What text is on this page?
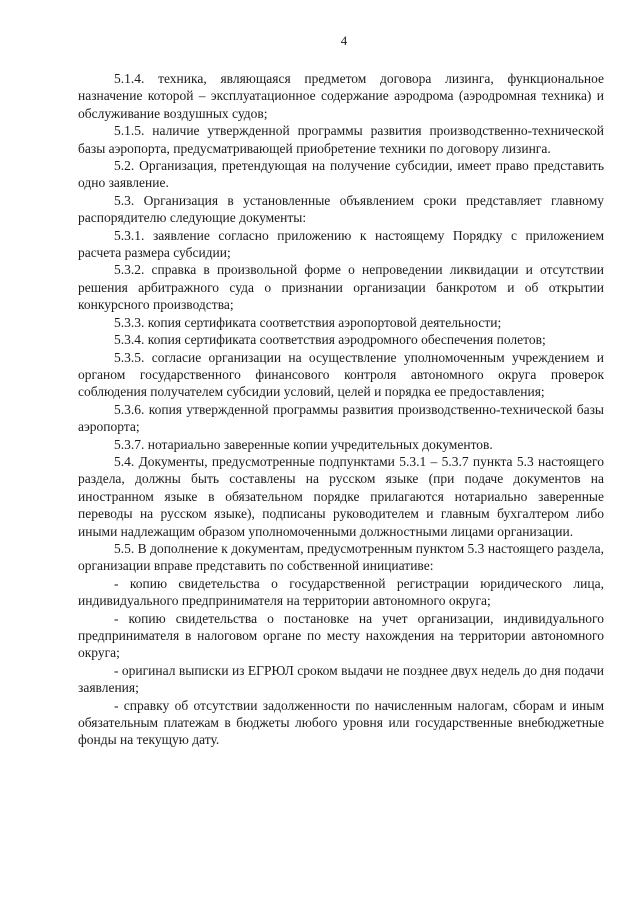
4

5.1.4. техника, являющаяся предметом договора лизинга, функциональное назначение которой – эксплуатационное содержание аэродрома (аэродромная техника) и обслуживание воздушных судов;

5.1.5. наличие утвержденной программы развития производственно-технической базы аэропорта, предусматривающей приобретение техники по договору лизинга.

5.2. Организация, претендующая на получение субсидии, имеет право представить одно заявление.

5.3. Организация в установленные объявлением сроки представляет главному распорядителю следующие документы:

5.3.1. заявление согласно приложению к настоящему Порядку с приложением расчета размера субсидии;

5.3.2. справка в произвольной форме о непроведении ликвидации и отсутствии решения арбитражного суда о признании организации банкротом и об открытии конкурсного производства;

5.3.3. копия сертификата соответствия аэропортовой деятельности;

5.3.4. копия сертификата соответствия аэродромного обеспечения полетов;

5.3.5. согласие организации на осуществление уполномоченным учреждением и органом государственного финансового контроля автономного округа проверок соблюдения получателем субсидии условий, целей и порядка ее предоставления;

5.3.6. копия утвержденной программы развития производственно-технической базы аэропорта;

5.3.7. нотариально заверенные копии учредительных документов.

5.4. Документы, предусмотренные подпунктами 5.3.1 – 5.3.7 пункта 5.3 настоящего раздела, должны быть составлены на русском языке (при подаче документов на иностранном языке в обязательном порядке прилагаются нотариально заверенные переводы на русском языке), подписаны руководителем и главным бухгалтером либо иными надлежащим образом уполномоченными должностными лицами организации.

5.5. В дополнение к документам, предусмотренным пунктом 5.3 настоящего раздела, организации вправе представить по собственной инициативе:

- копию свидетельства о государственной регистрации юридического лица, индивидуального предпринимателя на территории автономного округа;

- копию свидетельства о постановке на учет организации, индивидуального предпринимателя в налоговом органе по месту нахождения на территории автономного округа;

- оригинал выписки из ЕГРЮЛ сроком выдачи не позднее двух недель до дня подачи заявления;

- справку об отсутствии задолженности по начисленным налогам, сборам и иным обязательным платежам в бюджеты любого уровня или государственные внебюджетные фонды на текущую дату.
